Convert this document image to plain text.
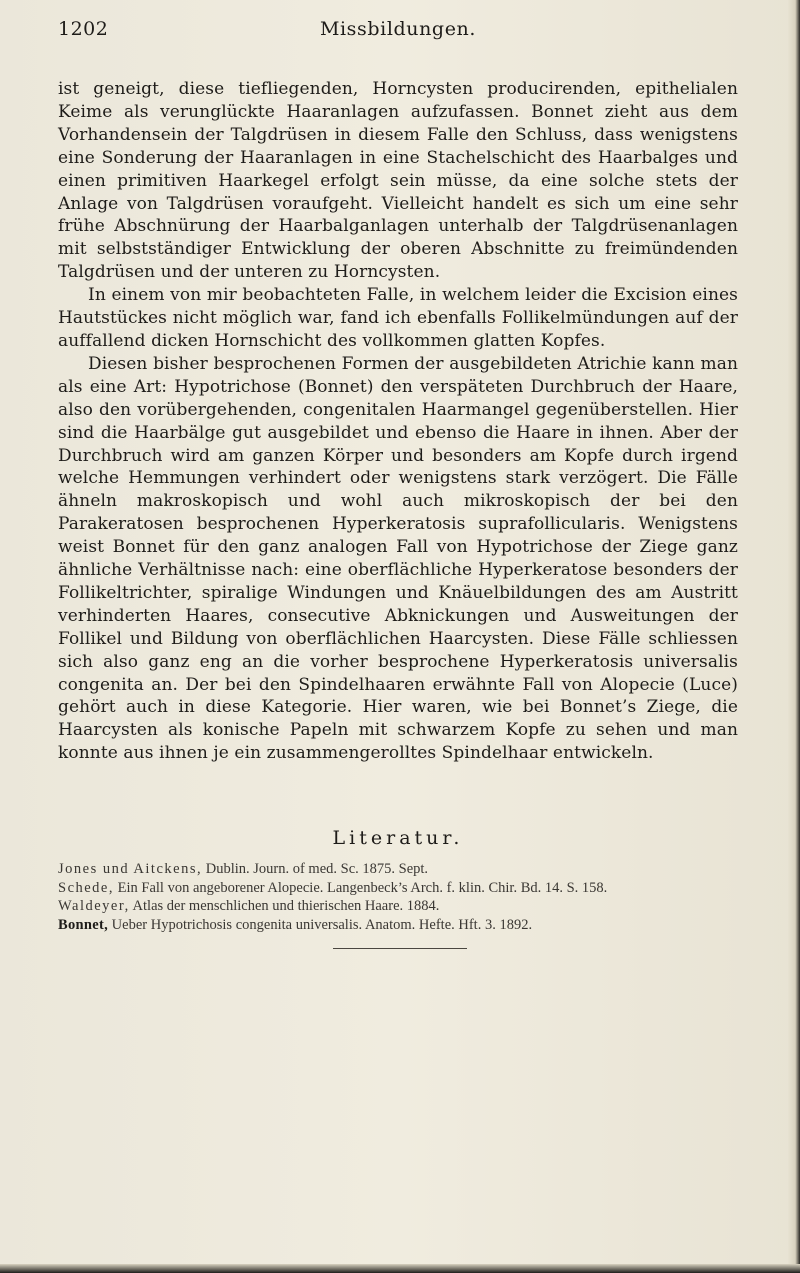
1202	Missbildungen.

ist geneigt, diese tiefliegenden, Horncysten producirenden, epithelialen Keime als verunglückte Haaranlagen aufzufassen. Bonnet zieht aus dem Vorhandensein der Talgdrüsen in diesem Falle den Schluss, dass wenigstens eine Sonderung der Haaranlagen in eine Stachelschicht des Haarbalges und einen primitiven Haarkegel erfolgt sein müsse, da eine solche stets der Anlage von Talgdrüsen voraufgeht. Vielleicht handelt es sich um eine sehr frühe Abschnürung der Haarbalganlagen unterhalb der Talgdrüsenanlagen mit selbstständiger Entwicklung der oberen Abschnitte zu freimündenden Talgdrüsen und der unteren zu Horncysten.

In einem von mir beobachteten Falle, in welchem leider die Excision eines Hautstückes nicht möglich war, fand ich ebenfalls Follikelmündungen auf der auffallend dicken Hornschicht des vollkommen glatten Kopfes.

Diesen bisher besprochenen Formen der ausgebildeten Atrichie kann man als eine Art: Hypotrichose (Bonnet) den verspäteten Durchbruch der Haare, also den vorübergehenden, congenitalen Haarmangel gegenüberstellen. Hier sind die Haarbälge gut ausgebildet und ebenso die Haare in ihnen. Aber der Durchbruch wird am ganzen Körper und besonders am Kopfe durch irgend welche Hemmungen verhindert oder wenigstens stark verzögert. Die Fälle ähneln makroskopisch und wohl auch mikroskopisch der bei den Parakeratosen besprochenen Hyperkeratosis suprafollicularis. Wenigstens weist Bonnet für den ganz analogen Fall von Hypotrichose der Ziege ganz ähnliche Verhältnisse nach: eine oberflächliche Hyperkeratose besonders der Follikeltrichter, spiralige Windungen und Knäuelbildungen des am Austritt verhinderten Haares, consecutive Abknickungen und Ausweitungen der Follikel und Bildung von oberflächlichen Haarcysten. Diese Fälle schliessen sich also ganz eng an die vorher besprochene Hyperkeratosis universalis congenita an. Der bei den Spindelhaaren erwähnte Fall von Alopecie (Luce) gehört auch in diese Kategorie. Hier waren, wie bei Bonnet’s Ziege, die Haarcysten als konische Papeln mit schwarzem Kopfe zu sehen und man konnte aus ihnen je ein zusammengerolltes Spindelhaar entwickeln.

Literatur.
Jones und Aitckens, Dublin. Journ. of med. Sc. 1875. Sept.
Schede, Ein Fall von angeborener Alopecie. Langenbeck’s Arch. f. klin. Chir. Bd. 14. S. 158.
Waldeyer, Atlas der menschlichen und thierischen Haare. 1884.
Bonnet, Ueber Hypotrichosis congenita universalis. Anatom. Hefte. Hft. 3. 1892.
